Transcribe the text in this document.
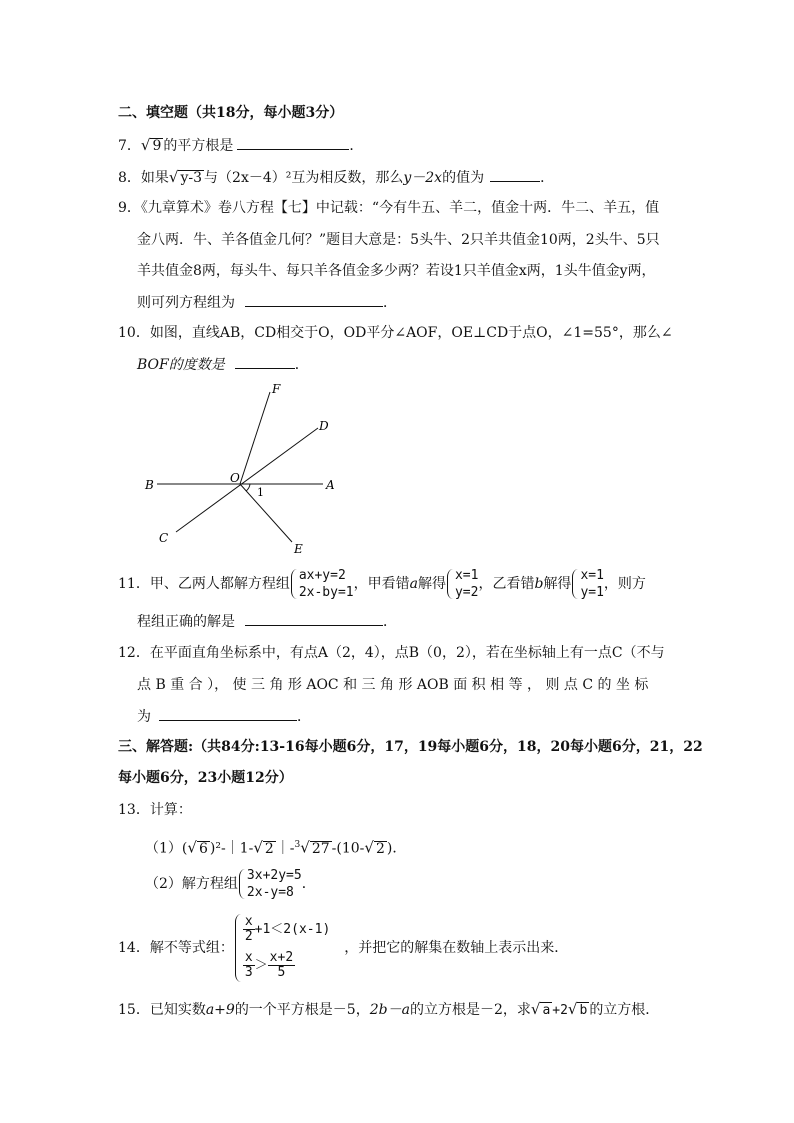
二、填空题（共18分，每小题3分）
7．√ 9 的平方根是	．
8．如果√ y-3 与（2x－4）²互为相反数，那么y－2x的值为	．
9．《九章算术》卷八方程【七】中记载：“今有牛五、羊二，值金十两．牛二、羊五，值
金八两．牛、羊各值金几何？”题目大意是：5头牛、2只羊共值金10两，2头牛、5只
羊共值金8两，每头牛、每只羊各值金多少两？若设1只羊值金x两，1头牛值金y两，
则可列方程组为	．
10．如图，直线AB，CD相交于O，OD平分∠AOF，OE⊥CD于点O，∠1=55°，那么∠
BOF的度数是	．
F
D
O	A
B
C
E
1
11．甲、乙两人都解方程组
ax+y=2
2x-by=1
，甲看错a解得
x=1
y=2
，乙看错b解得
x=1
y=1
，则方
程组正确的解是	．
12．在平面直角坐标系中，有点A（2，4），点B（0，2），若在坐标轴上有一点C（不与
点 B 重 合 ）， 使 三 角 形 AOC 和 三 角 形 AOB 面 积 相 等 ， 则 点 C 的 坐 标
为	．
三、解答题:（共84分:13-16每小题6分，17，19每小题6分，18，20每小题6分，21，22
每小题6分，23小题12分）
13．计算：
（1）(√ 6 )²-｜1-√ 2 ｜-$^3$√ 27 -(10-√ 2 )．
（2）解方程组
3x+2y=5
2x-y=8
．
14．解不等式组：
$\frac{x}{2} +1<2(x-1)$
$\frac{x}{3} > \frac{x+2}{5}$
，并把它的解集在数轴上表示出来．
15．已知实数a+9的一个平方根是－5，2b－a的立方根是－2，求√ a +2√ b 的立方根．
